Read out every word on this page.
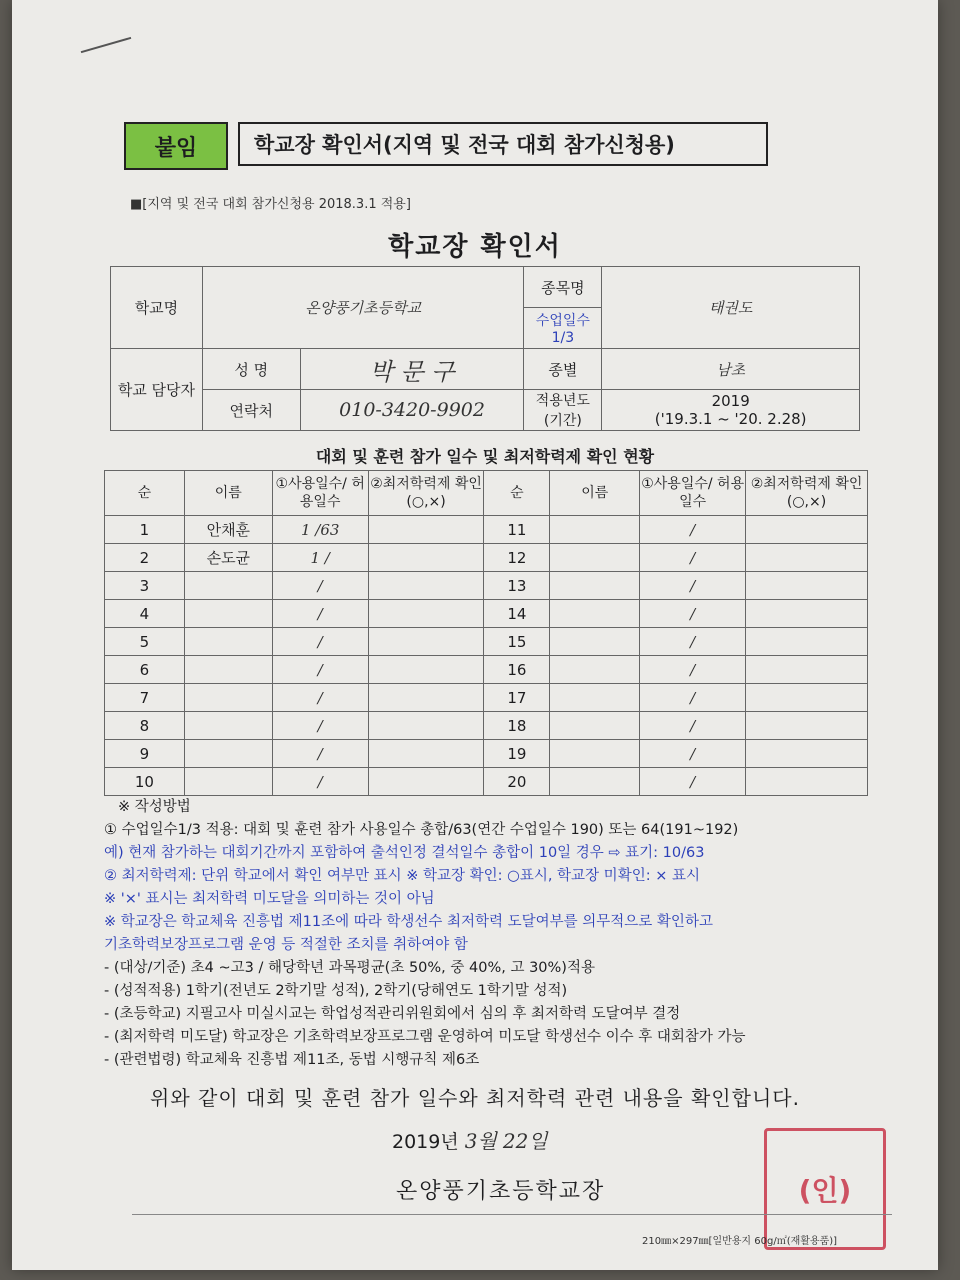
붙임	학교장 확인서(지역 및 전국 대회 참가신청용)
■[지역 및 전국 대회 참가신청용 2018.3.1 적용]
학교장 확인서
학교명	온양풍기초등학교		종목명	태권도
			수업일수 1/3	
학교 담당자	성 명	박 문 구	종별	남초
	연락처	010-3420-9902	적용년도 (기간)	2019
('19.3.1 ~ '20. 2.28)
대회 및 훈련 참가 일수 및 최저학력제 확인 현황
순	이름	①사용일수/ 허용일수	②최저학력제 확인(○,×)	순	이름	①사용일수/ 허용일수	②최저학력제 확인(○,×)
1	안채훈	1 /63		11		/	
2	손도균	1 /		12		/	
3		/		13		/	
4		/		14		/	
5		/		15		/	
6		/		16		/	
7		/		17		/	
8		/		18		/	
9		/		19		/	
10		/		20		/	

※ 작성방법

① 수업일수1/3 적용: 대회 및 훈련 참가 사용일수 총합/63(연간 수업일수 190) 또는 64(191~192)

예) 현재 참가하는 대회기간까지 포함하여 출석인정 결석일수 총합이 10일 경우 ⇨ 표기: 10/63

② 최저학력제: 단위 학교에서 확인 여부만 표시 ※ 학교장 확인: ○표시, 학교장 미확인: × 표시

※ '×' 표시는 최저학력 미도달을 의미하는 것이 아님

※ 학교장은 학교체육 진흥법 제11조에 따라 학생선수 최저학력 도달여부를 의무적으로 확인하고

기초학력보장프로그램 운영 등 적절한 조치를 취하여야 함

- (대상/기준) 초4 ~고3 / 해당학년 과목평균(초 50%, 중 40%, 고 30%)적용

- (성적적용) 1학기(전년도 2학기말 성적), 2학기(당해연도 1학기말 성적)

- (초등학교) 지필고사 미실시교는 학업성적관리위원회에서 심의 후 최저학력 도달여부 결정

- (최저학력 미도달) 학교장은 기초학력보장프로그램 운영하여 미도달 학생선수 이수 후 대회참가 가능

- (관련법령) 학교체육 진흥법 제11조, 동법 시행규칙 제6조

위와 같이 대회 및 훈련 참가 일수와 최저학력 관련 내용을 확인합니다.
2019년 3월 22일
온양풍기초등학교장	(인)
210㎜×297㎜[일반용지 60g/㎡(재활용품)]
